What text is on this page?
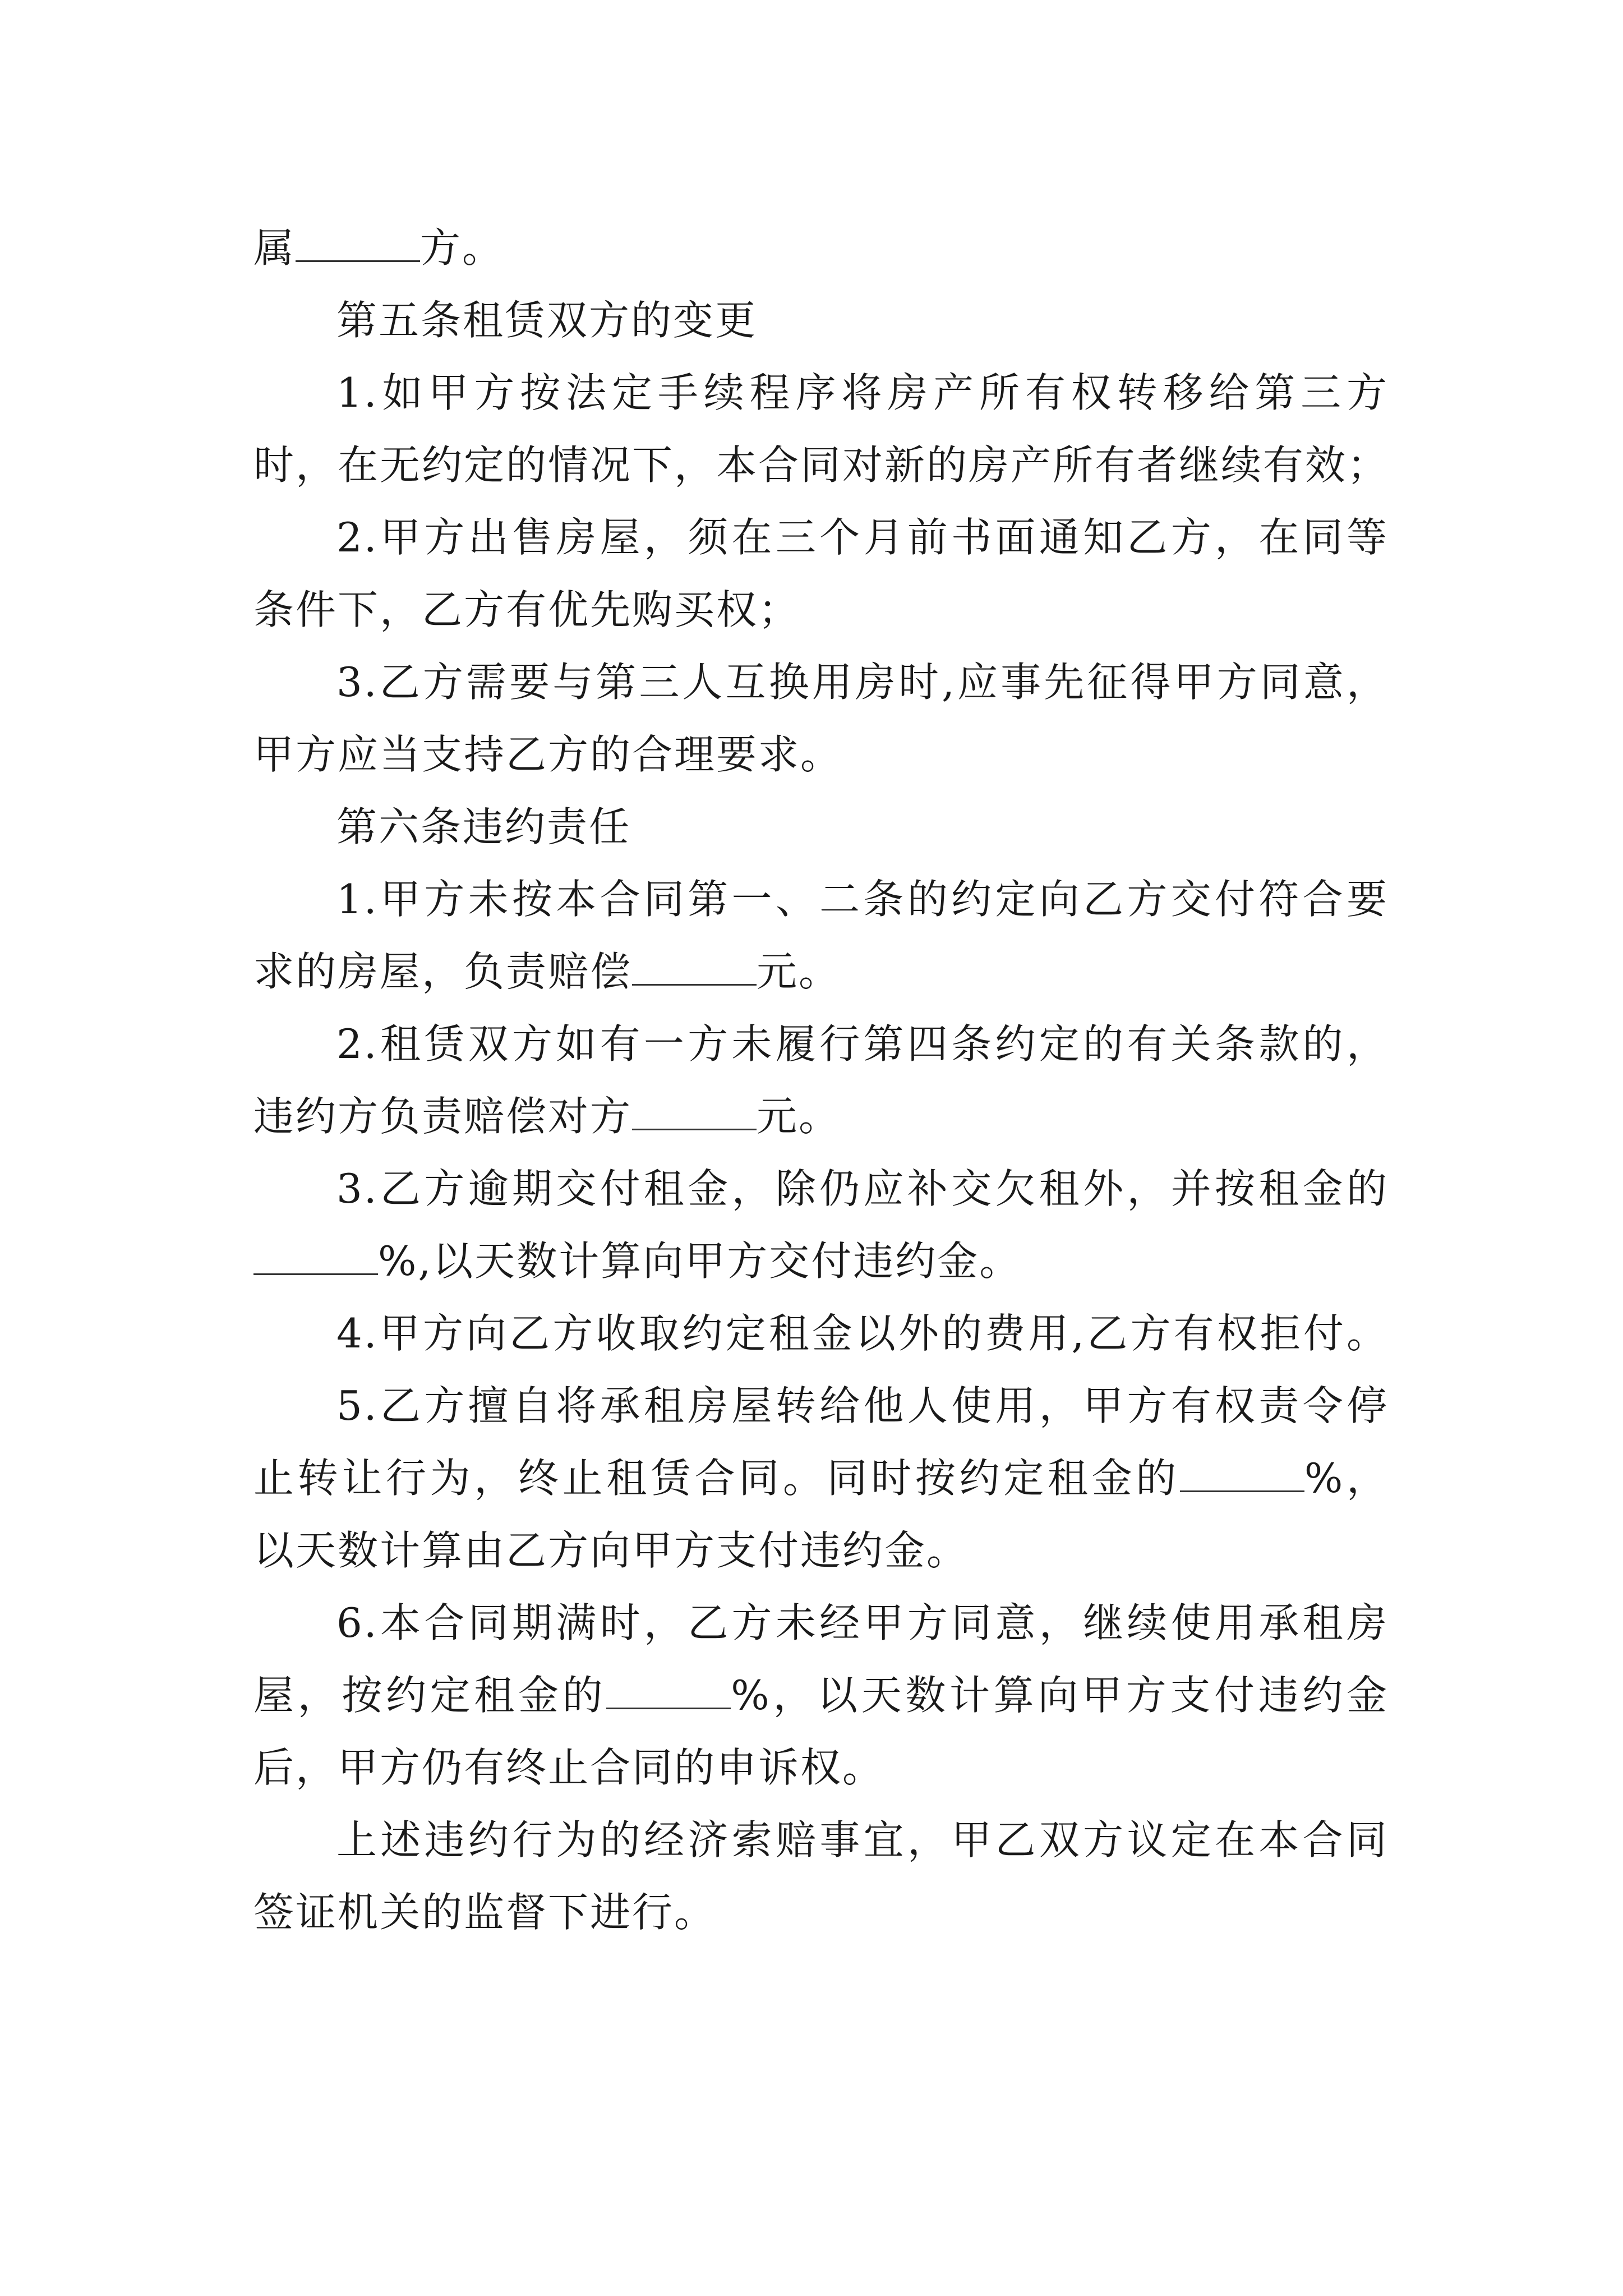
属	方。
第五条租赁双方的变更
1.如甲方按法定手续程序将房产所有权转移给第三方
时，在无约定的情况下，本合同对新的房产所有者继续有效；
2.甲方出售房屋，须在三个月前书面通知乙方，在同等
条件下，乙方有优先购买权；
3.乙方需要与第三人互换用房时,应事先征得甲方同意，
甲方应当支持乙方的合理要求。
第六条违约责任
1.甲方未按本合同第一、二条的约定向乙方交付符合要
求的房屋，负责赔偿	元。
2.租赁双方如有一方未履行第四条约定的有关条款的，
违约方负责赔偿对方	元。
3.乙方逾期交付租金，除仍应补交欠租外，并按租金的
%,以天数计算向甲方交付违约金。
4.甲方向乙方收取约定租金以外的费用,乙方有权拒付。
5.乙方擅自将承租房屋转给他人使用，甲方有权责令停
止转让行为，终止租赁合同。同时按约定租金的	%，
以天数计算由乙方向甲方支付违约金。
6.本合同期满时，乙方未经甲方同意，继续使用承租房
屋，按约定租金的	%，以天数计算向甲方支付违约金
后，甲方仍有终止合同的申诉权。
上述违约行为的经济索赔事宜，甲乙双方议定在本合同
签证机关的监督下进行。
